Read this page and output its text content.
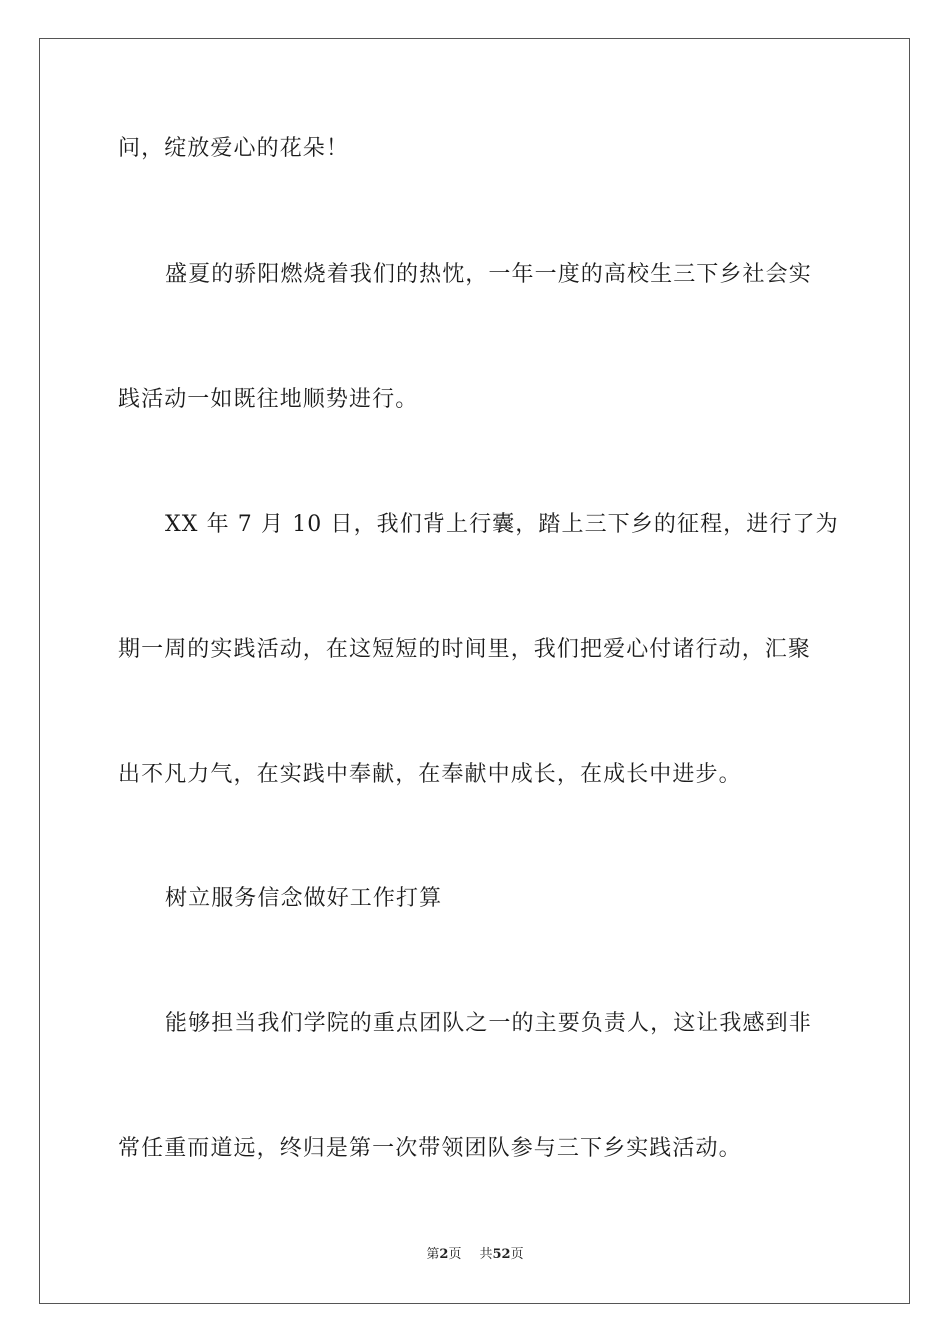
问，绽放爱心的花朵！
盛夏的骄阳燃烧着我们的热忱，一年一度的高校生三下乡社会实
践活动一如既往地顺势进行。
XX 年 7 月 10 日，我们背上行囊，踏上三下乡的征程，进行了为
期一周的实践活动，在这短短的时间里，我们把爱心付诸行动，汇聚
出不凡力气，在实践中奉献，在奉献中成长，在成长中进步。
树立服务信念做好工作打算
能够担当我们学院的重点团队之一的主要负责人，这让我感到非
常任重而道远，终归是第一次带领团队参与三下乡实践活动。
第2页 共52页
